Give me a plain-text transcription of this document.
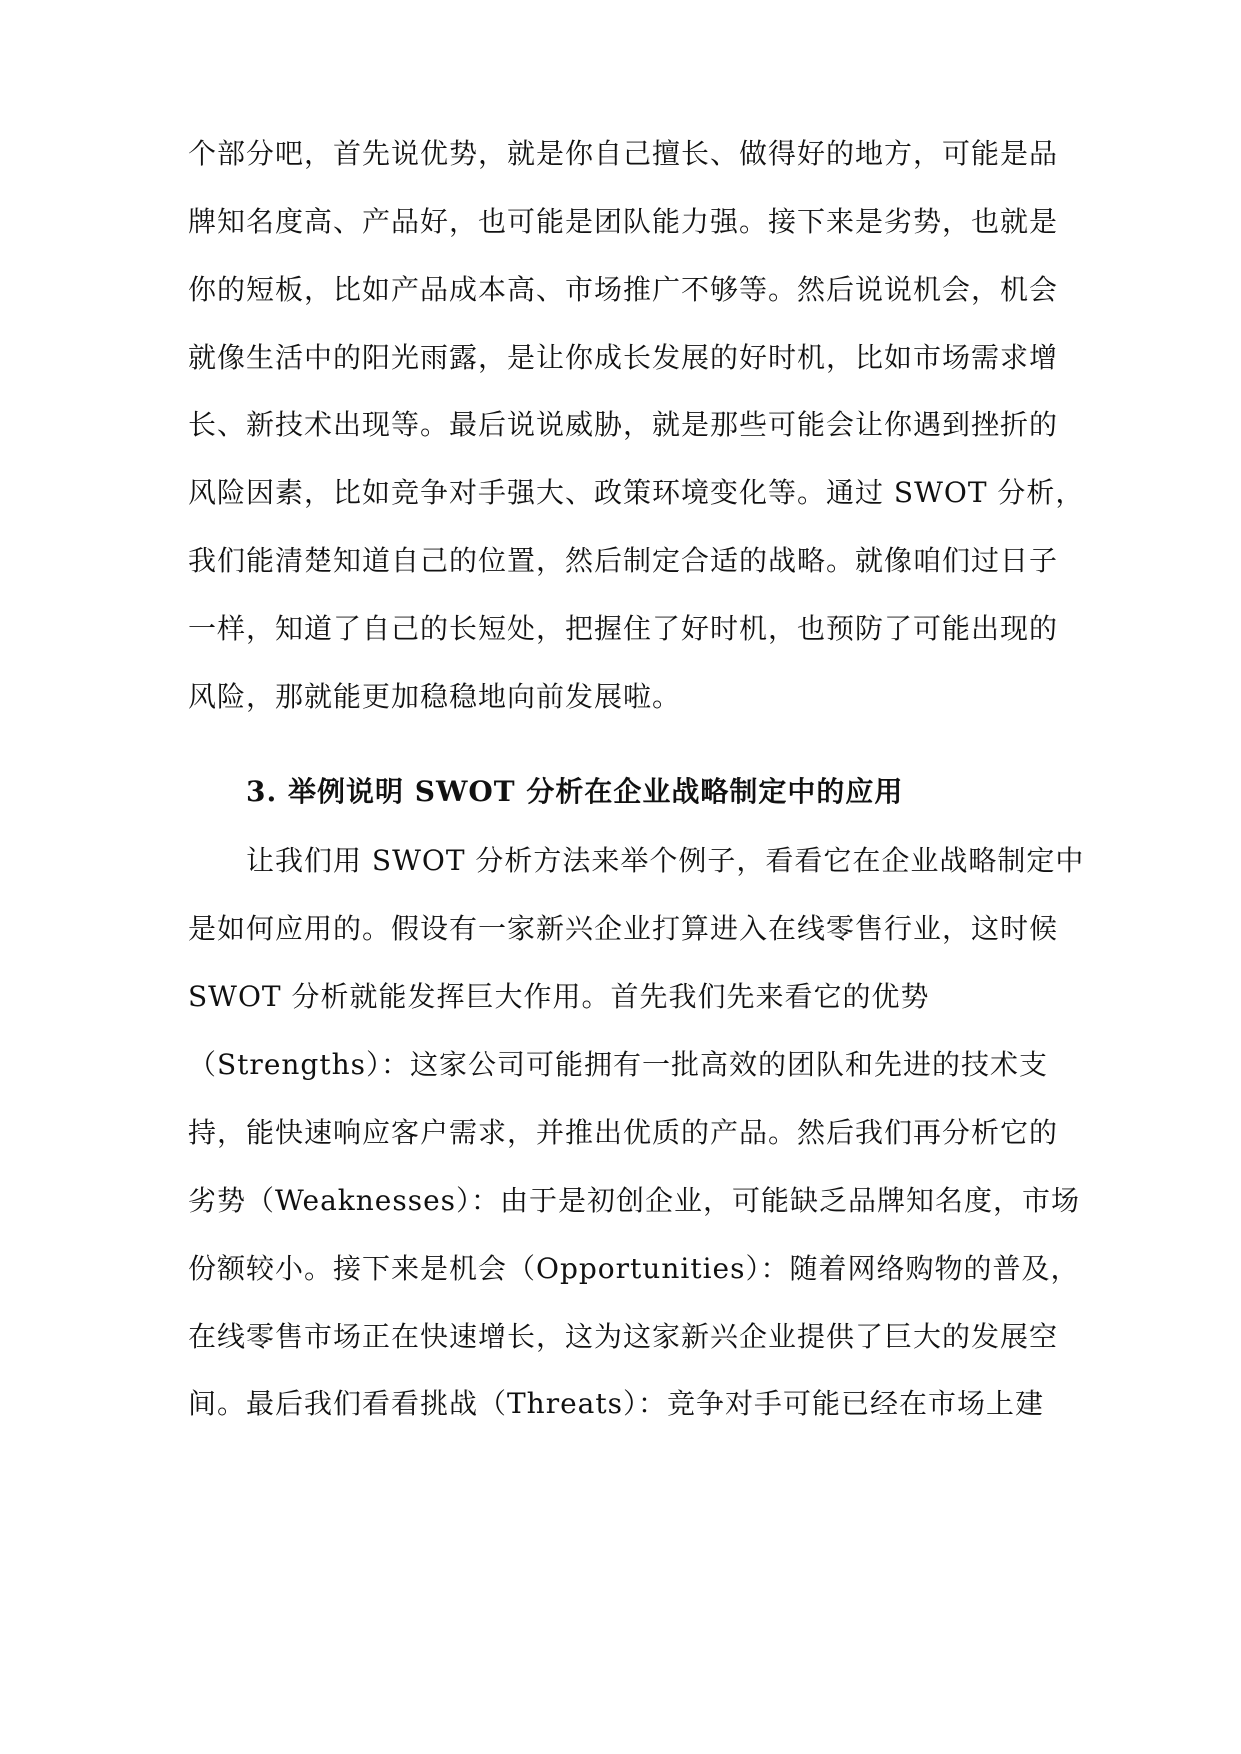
个部分吧，首先说优势，就是你自己擅长、做得好的地方，可能是品
牌知名度高、产品好，也可能是团队能力强。接下来是劣势，也就是
你的短板，比如产品成本高、市场推广不够等。然后说说机会，机会
就像生活中的阳光雨露，是让你成长发展的好时机，比如市场需求增
长、新技术出现等。最后说说威胁，就是那些可能会让你遇到挫折的
风险因素，比如竞争对手强大、政策环境变化等。通过 SWOT 分析，
我们能清楚知道自己的位置，然后制定合适的战略。就像咱们过日子
一样，知道了自己的长短处，把握住了好时机，也预防了可能出现的
风险，那就能更加稳稳地向前发展啦。
3. 举例说明 SWOT 分析在企业战略制定中的应用
让我们用 SWOT 分析方法来举个例子，看看它在企业战略制定中
是如何应用的。假设有一家新兴企业打算进入在线零售行业，这时候
SWOT 分析就能发挥巨大作用。首先我们先来看它的优势
（Strengths）：这家公司可能拥有一批高效的团队和先进的技术支
持，能快速响应客户需求，并推出优质的产品。然后我们再分析它的
劣势（Weaknesses）：由于是初创企业，可能缺乏品牌知名度，市场
份额较小。接下来是机会（Opportunities）：随着网络购物的普及，
在线零售市场正在快速增长，这为这家新兴企业提供了巨大的发展空
间。最后我们看看挑战（Threats）：竞争对手可能已经在市场上建
